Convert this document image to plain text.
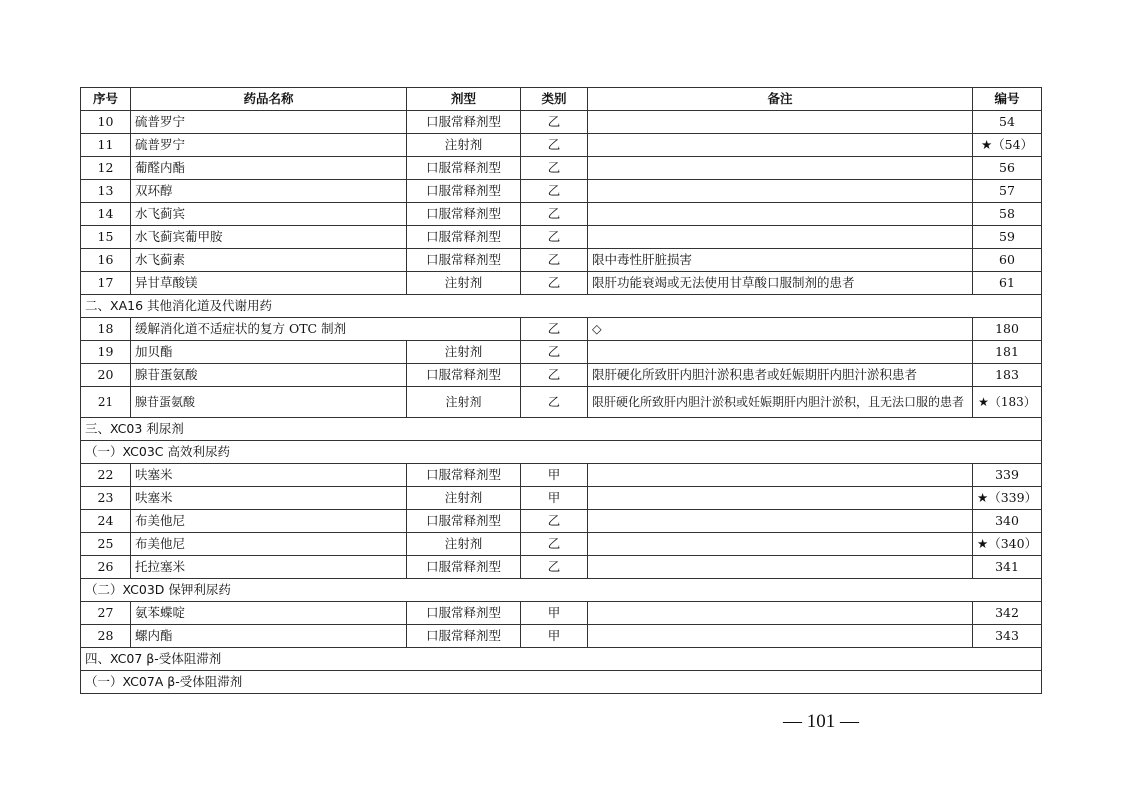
序号	药品名称	剂型	类别	备注	编号
10	硫普罗宁	口服常释剂型	乙		54
11	硫普罗宁	注射剂	乙		★（54）
12	葡醛内酯	口服常释剂型	乙		56
13	双环醇	口服常释剂型	乙		57
14	水飞蓟宾	口服常释剂型	乙		58
15	水飞蓟宾葡甲胺	口服常释剂型	乙		59
16	水飞蓟素	口服常释剂型	乙	限中毒性肝脏损害	60
17	异甘草酸镁	注射剂	乙	限肝功能衰竭或无法使用甘草酸口服制剂的患者	61
二、XA16 其他消化道及代谢用药					
18	缓解消化道不适症状的复方 OTC 制剂		乙	◇	180
19	加贝酯	注射剂	乙		181
20	腺苷蛋氨酸	口服常释剂型	乙	限肝硬化所致肝内胆汁淤积患者或妊娠期肝内胆汁淤积患者	183
21	腺苷蛋氨酸	注射剂	乙	限肝硬化所致肝内胆汁淤积或妊娠期肝内胆汁淤积，且无法口服的患者	★（183）
三、XC03 利尿剂					
（一）XC03C 高效利尿药					
22	呋塞米	口服常释剂型	甲		339
23	呋塞米	注射剂	甲		★（339）
24	布美他尼	口服常释剂型	乙		340
25	布美他尼	注射剂	乙		★（340）
26	托拉塞米	口服常释剂型	乙		341
（二）XC03D 保钾利尿药					
27	氨苯蝶啶	口服常释剂型	甲		342
28	螺内酯	口服常释剂型	甲		343
四、XC07 β-受体阻滞剂					
（一）XC07A β-受体阻滞剂					
— 101 —
